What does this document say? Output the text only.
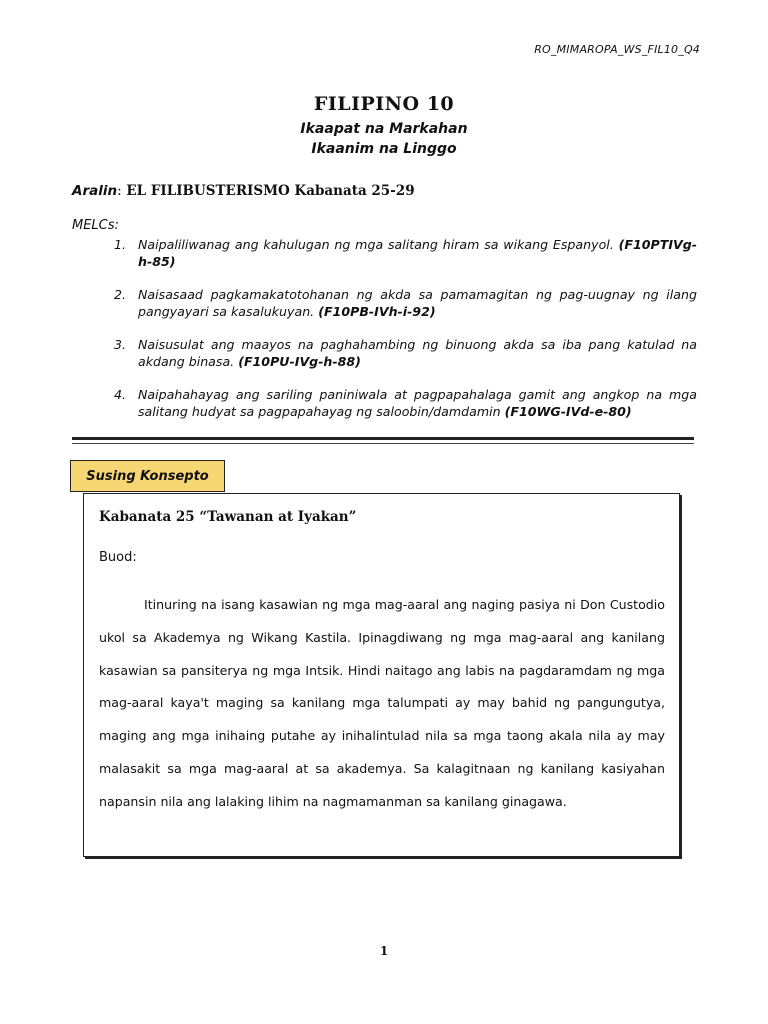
RO_MIMAROPA_WS_FIL10_Q4
FILIPINO 10
Ikaapat na Markahan
Ikaanim na Linggo
Aralin: EL FILIBUSTERISMO Kabanata 25-29
MELCs:
1. Naipaliliwanag ang kahulugan ng mga salitang hiram sa wikang Espanyol. (F10PTIVg- h-85)
2. Naisasaad pagkamakatotohanan ng akda sa pamamagitan ng pag-uugnay ng ilang pangyayari sa kasalukuyan. (F10PB-IVh-i-92)
3. Naisusulat ang maayos na paghahambing ng binuong akda sa iba pang katulad na akdang binasa. (F10PU-IVg-h-88)
4. Naipahahayag ang sariling paniniwala at pagpapahalaga gamit ang angkop na mga salitang hudyat sa pagpapahayag ng saloobin/damdamin (F10WG-IVd-e-80)
Susing Konsepto
Kabanata 25 “Tawanan at Iyakan”
Buod:

Itinuring na isang kasawian ng mga mag-aaral ang naging pasiya ni Don Custodio ukol sa Akademya ng Wikang Kastila. Ipinagdiwang ng mga mag-aaral ang kanilang kasawian sa pansiterya ng mga Intsik. Hindi naitago ang labis na pagdaramdam ng mga mag-aaral kaya't maging sa kanilang mga talumpati ay may bahid ng pangungutya, maging ang mga inihaing putahe ay inihalintulad nila sa mga taong akala nila ay may malasakit sa mga mag-aaral at sa akademya. Sa kalagitnaan ng kanilang kasiyahan napansin nila ang lalaking lihim na nagmamanman sa kanilang ginagawa.

1
